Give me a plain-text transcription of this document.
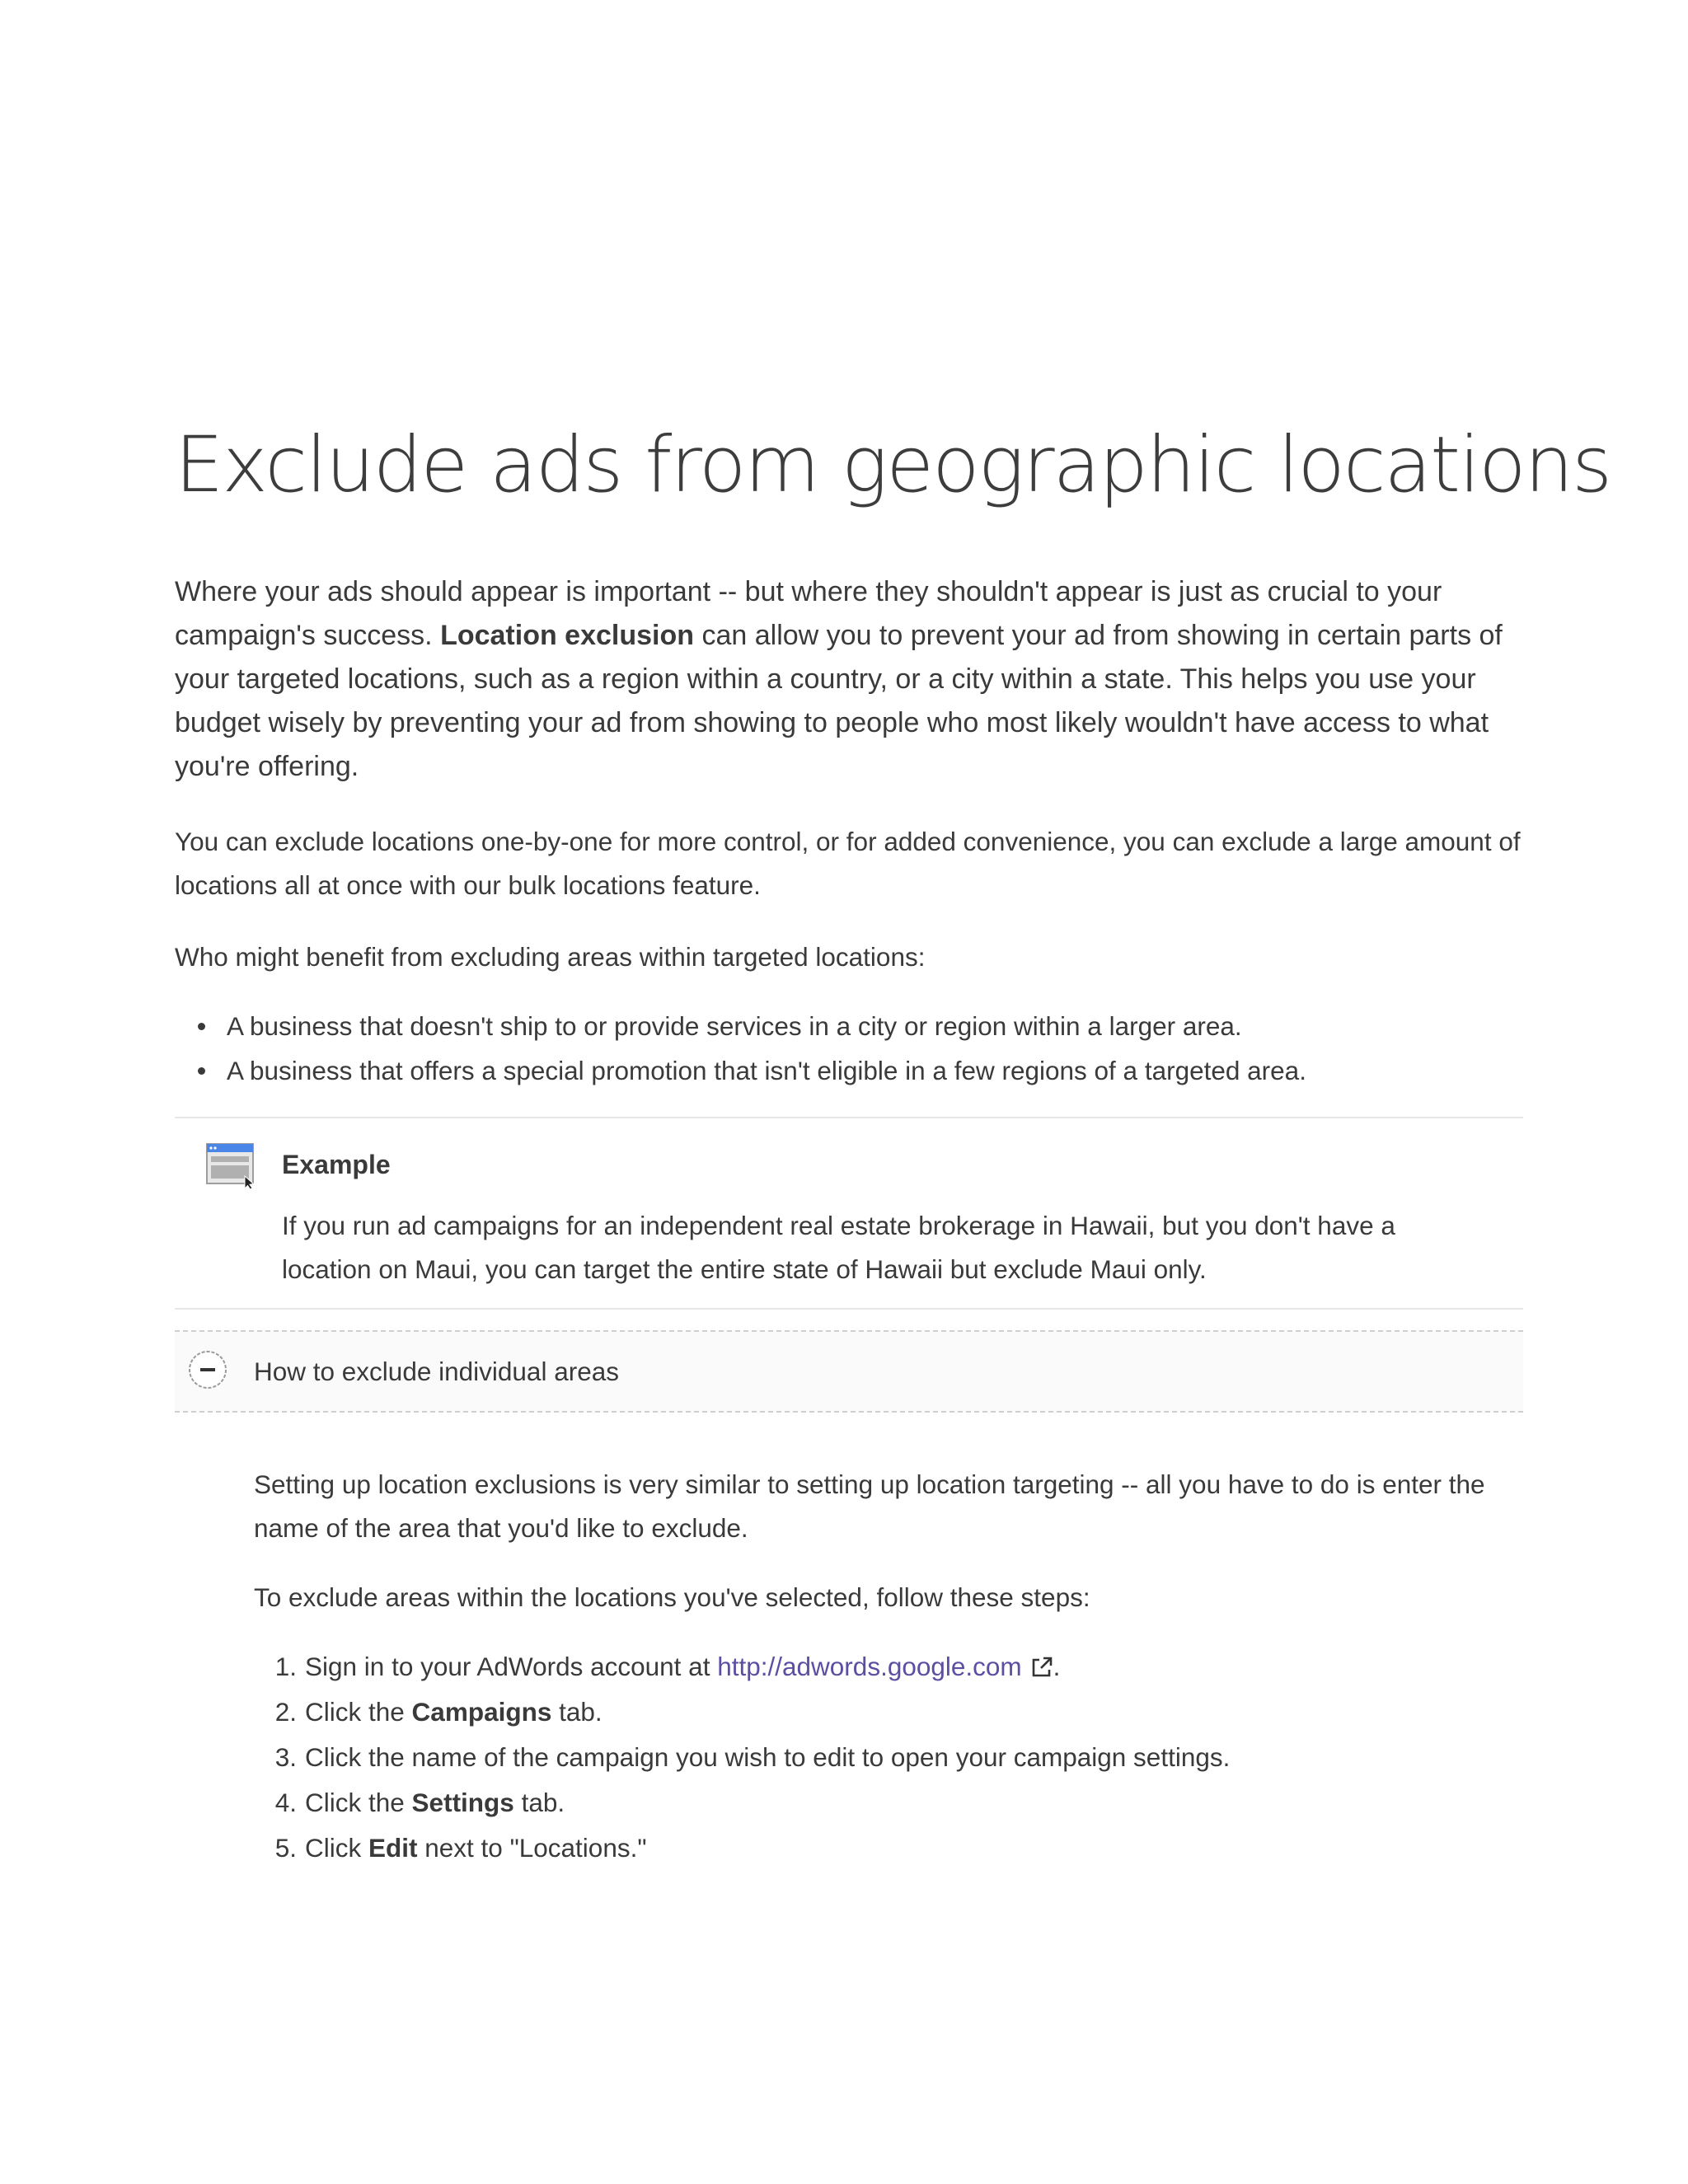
Exclude ads from geographic locations

Where your ads should appear is important -- but where they shouldn't appear is just as crucial to your campaign's success. Location exclusion can allow you to prevent your ad from showing in certain parts of your targeted locations, such as a region within a country, or a city within a state. This helps you use your budget wisely by preventing your ad from showing to people who most likely wouldn't have access to what you're offering.

You can exclude locations one-by-one for more control, or for added convenience, you can exclude a large amount of locations all at once with our bulk locations feature.

Who might benefit from excluding areas within targeted locations:

A business that doesn't ship to or provide services in a city or region within a larger area.
A business that offers a special promotion that isn't eligible in a few regions of a targeted area.
Example

If you run ad campaigns for an independent real estate brokerage in Hawaii, but you don't have a location on Maui, you can target the entire state of Hawaii but exclude Maui only.

How to exclude individual areas

Setting up location exclusions is very similar to setting up location targeting -- all you have to do is enter the name of the area that you'd like to exclude.

To exclude areas within the locations you've selected, follow these steps:

1. Sign in to your AdWords account at http://adwords.google.com .
2. Click the Campaigns tab.
3. Click the name of the campaign you wish to edit to open your campaign settings.
4. Click the Settings tab.
5. Click Edit next to "Locations."
